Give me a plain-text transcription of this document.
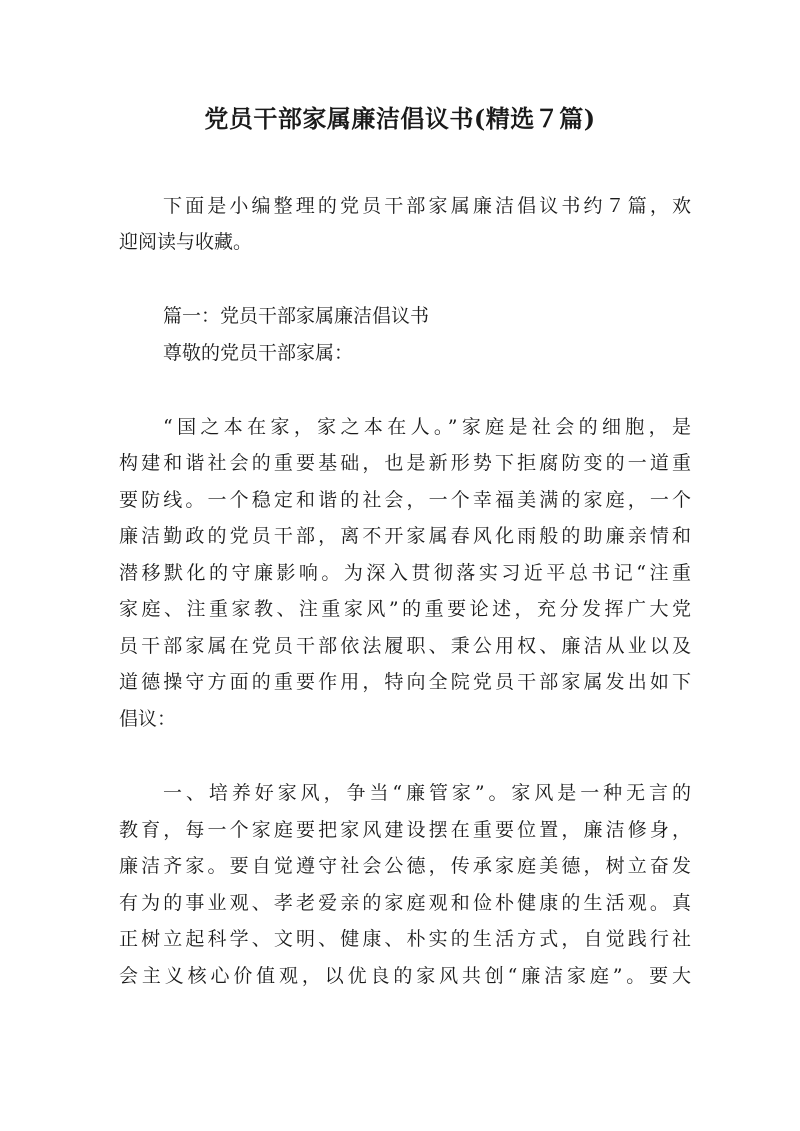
党员干部家属廉洁倡议书(精选７篇)
下面是小编整理的党员干部家属廉洁倡议书约７篇，欢
迎阅读与收藏。
篇一：党员干部家属廉洁倡议书
尊敬的党员干部家属：
“国之本在家，家之本在人。”家庭是社会的细胞，是
构建和谐社会的重要基础，也是新形势下拒腐防变的一道重
要防线。一个稳定和谐的社会，一个幸福美满的家庭，一个
廉洁勤政的党员干部，离不开家属春风化雨般的助廉亲情和
潜移默化的守廉影响。为深入贯彻落实习近平总书记“注重
家庭、注重家教、注重家风”的重要论述，充分发挥广大党
员干部家属在党员干部依法履职、秉公用权、廉洁从业以及
道德操守方面的重要作用，特向全院党员干部家属发出如下
倡议：
一、培养好家风，争当“廉管家”。家风是一种无言的
教育，每一个家庭要把家风建设摆在重要位置，廉洁修身，
廉洁齐家。要自觉遵守社会公德，传承家庭美德，树立奋发
有为的事业观、孝老爱亲的家庭观和俭朴健康的生活观。真
正树立起科学、文明、健康、朴实的生活方式，自觉践行社
会主义核心价值观，以优良的家风共创“廉洁家庭”。要大
